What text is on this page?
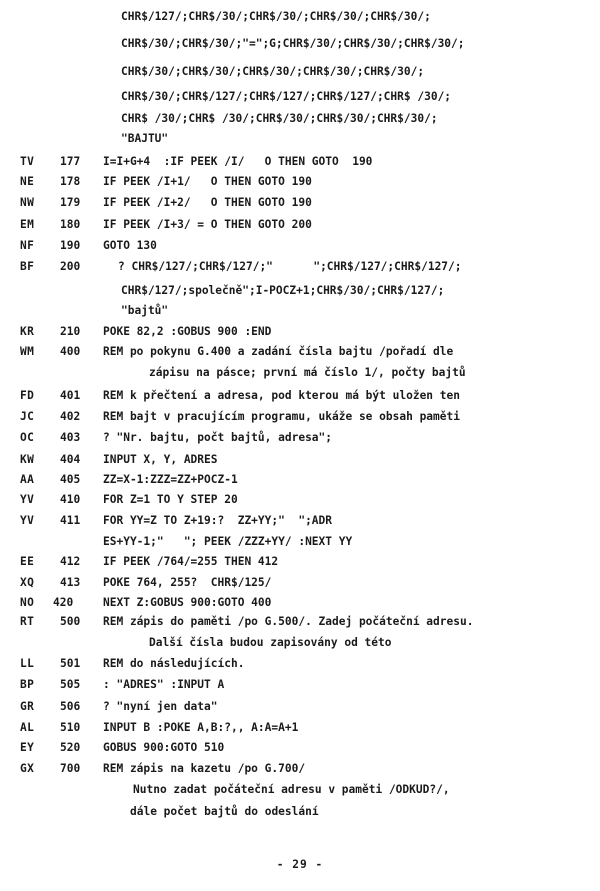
CHR$/127/;CHR$/30/;CHR$/30/;CHR$/30/;CHR$/30/;
CHR$/30/;CHR$/30/;"=";G;CHR$/30/;CHR$/30/;CHR$/30/;
CHR$/30/;CHR$/30/;CHR$/30/;CHR$/30/;CHR$/30/;
CHR$/30/;CHR$/127/;CHR$/127/;CHR$/127/;CHR$ /30/;
CHR$ /30/;CHR$ /30/;CHR$/30/;CHR$/30/;CHR$/30/;
"BAJTU"
TV 177 I=I+G+4  :IF PEEK /I/   O THEN GOTO  190
NE 178 IF PEEK /I+1/   O THEN GOTO 190
NW 179 IF PEEK /I+2/   O THEN GOTO 190
EM 180 IF PEEK /I+3/ = O THEN GOTO 200
NF 190 GOTO 130
BF 200	? CHR$/127/;CHR$/127/;"      ";CHR$/127/;CHR$/127/;
CHR$/127/;společně";I-POCZ+1;CHR$/30/;CHR$/127/;
"bajtů"
KR 210 POKE 82,2 :GOBUS 900 :END
WM 400 REM po pokynu G.400 a zadání čísla bajtu /pořadí dle
zápisu na pásce; první má číslo 1/, počty bajtů
FD 401 REM k přečtení a adresa, pod kterou má být uložen ten
JC 402 REM bajt v pracujícím programu, ukáže se obsah paměti
OC 403 ? "Nr. bajtu, počt bajtů, adresa";
KW 404 INPUT X, Y, ADRES
AA 405 ZZ=X-1:ZZZ=ZZ+POCZ-1
YV 410 FOR Z=1 TO Y STEP 20
YV 411 FOR YY=Z TO Z+19:?  ZZ+YY;"  ";ADR
ES+YY-1;"   "; PEEK /ZZZ+YY/ :NEXT YY
EE 412 IF PEEK /764/=255 THEN 412
XQ 413 POKE 764, 255?  CHR$/125/
NO 420	NEXT Z:GOBUS 900:GOTO 400
RT 500 REM zápis do paměti /po G.500/. Zadej počáteční adresu.
Další čísla budou zapisovány od této
LL 501 REM do následujících.
BP 505 : "ADRES" :INPUT A
GR 506 ? "nyní jen data"
AL 510 INPUT B :POKE A,B:?,, A:A=A+1
EY 520 GOBUS 900:GOTO 510
GX 700 REM zápis na kazetu /po G.700/
Nutno zadat počáteční adresu v paměti /ODKUD?/,
dále počet bajtů do odeslání
- 29 -
